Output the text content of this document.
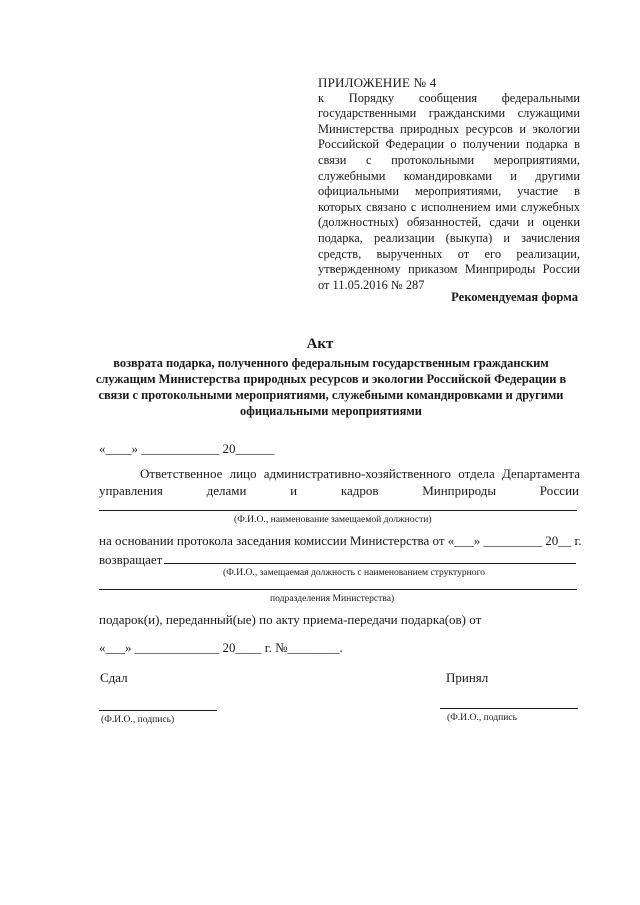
ПРИЛОЖЕНИЕ № 4
к Порядку сообщения федеральными
государственными гражданскими служащими
Министерства природных ресурсов и экологии
Российской Федерации о получении подарка в
связи с протокольными мероприятиями,
служебными командировками и другими
официальными мероприятиями, участие в
которых связано с исполнением ими служебных
(должностных) обязанностей, сдачи и оценки
подарка, реализации (выкупа) и зачисления
средств, вырученных от его реализации,
утвержденному приказом Минприроды России
от 11.05.2016 № 287
Рекомендуемая форма
Акт
возврата подарка, полученного федеральным государственным гражданским
служащим Министерства природных ресурсов и экологии Российской Федерации в
связи с протокольными мероприятиями, служебными командировками и другими
официальными мероприятиями
«____» ____________ 20______
Ответственное лицо административно-хозяйственного отдела Департамента
управления делами и кадров Минприроды России
(Ф.И.О., наименование замещаемой должности)
на основании протокола заседания комиссии Министерства от «___» _________ 20__ г.
возвращает
(Ф.И.О., замещаемая должность с наименованием структурного
подразделения Министерства)
подарок(и), переданный(ые) по акту приема-передачи подарка(ов) от
«___» _____________ 20____ г. №________.
Сдал	Принял
(Ф.И.О., подпись)	(Ф.И.О., подпись
